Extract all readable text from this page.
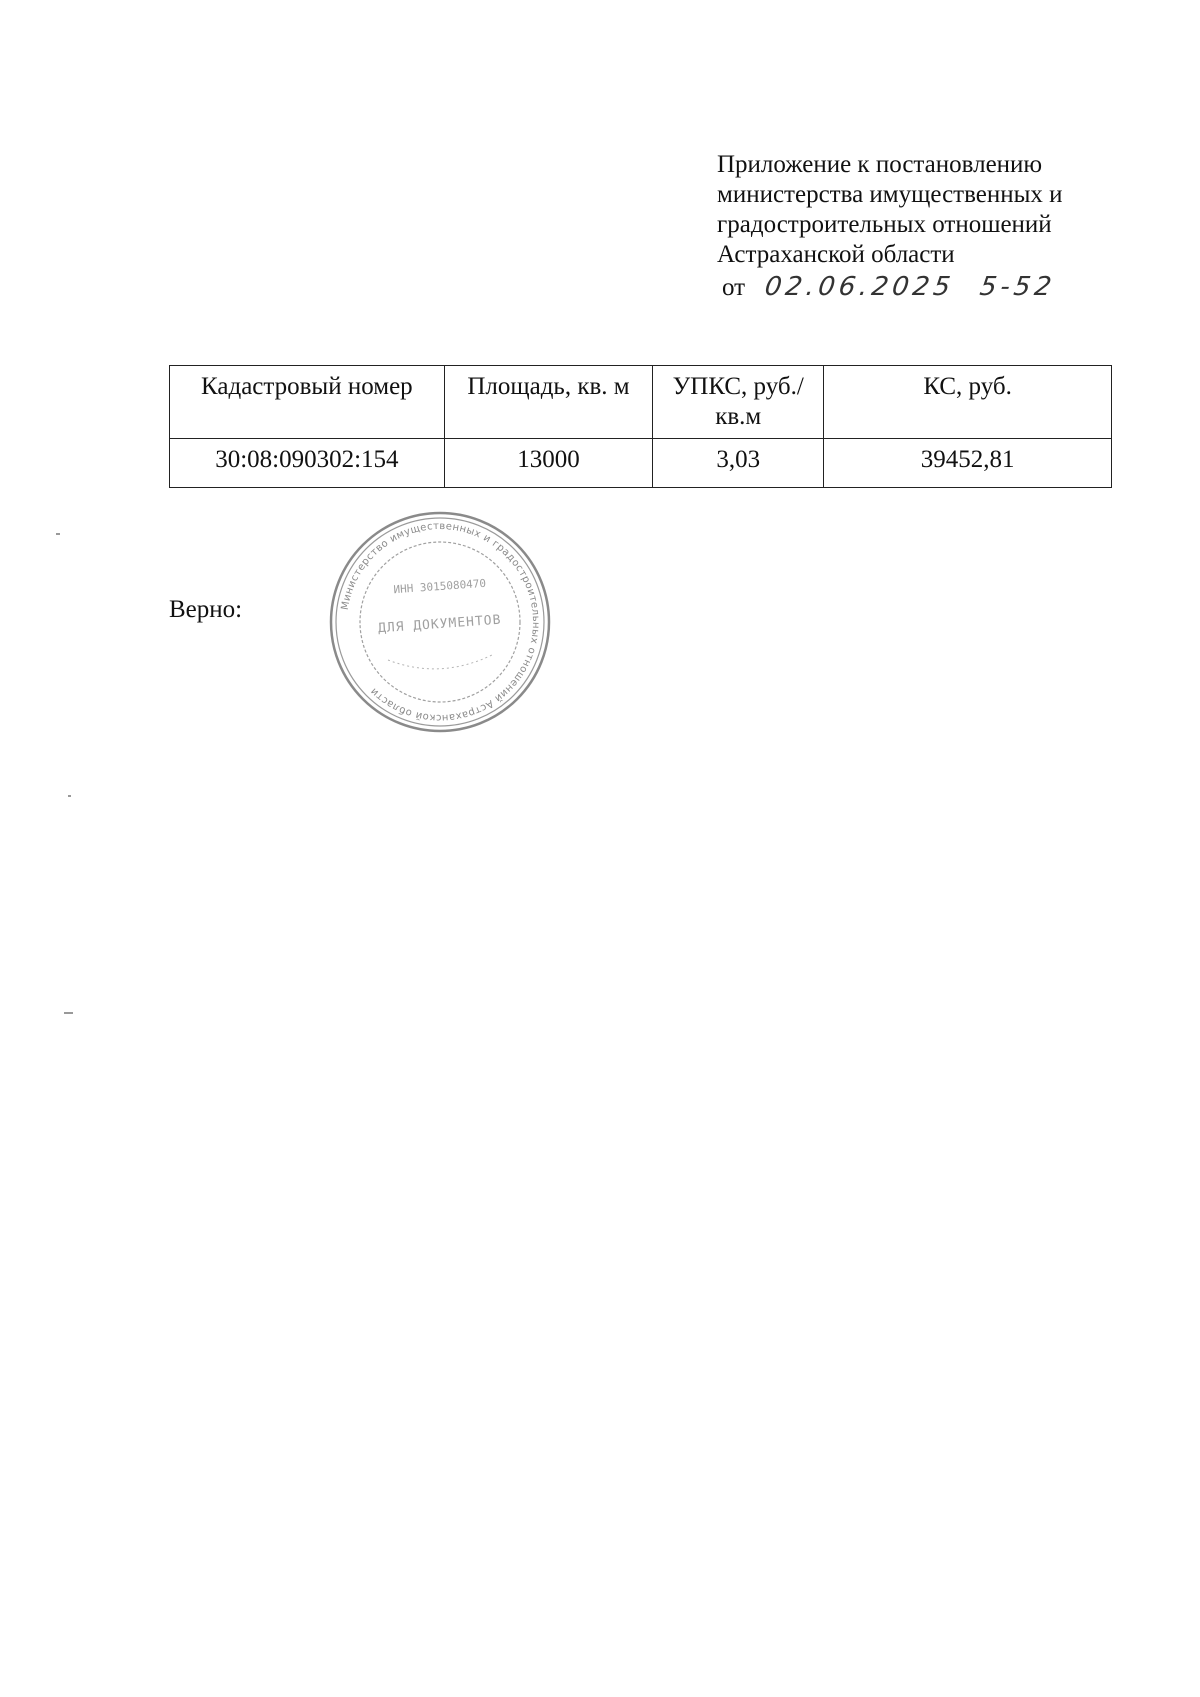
Приложение к постановлению
министерства имущественных и
градостроительных отношений
Астраханской области
от 02.06.2025 5-52
Кадастровый номер	Площадь, кв. м	УПКС, руб./кв.м	КС, руб.
30:08:090302:154	13000	3,03	39452,81
Верно:	Министерство имущественных и градостроительных отношений Астраханской области
ИНН 3015080470
ДЛЯ ДОКУМЕНТОВ
